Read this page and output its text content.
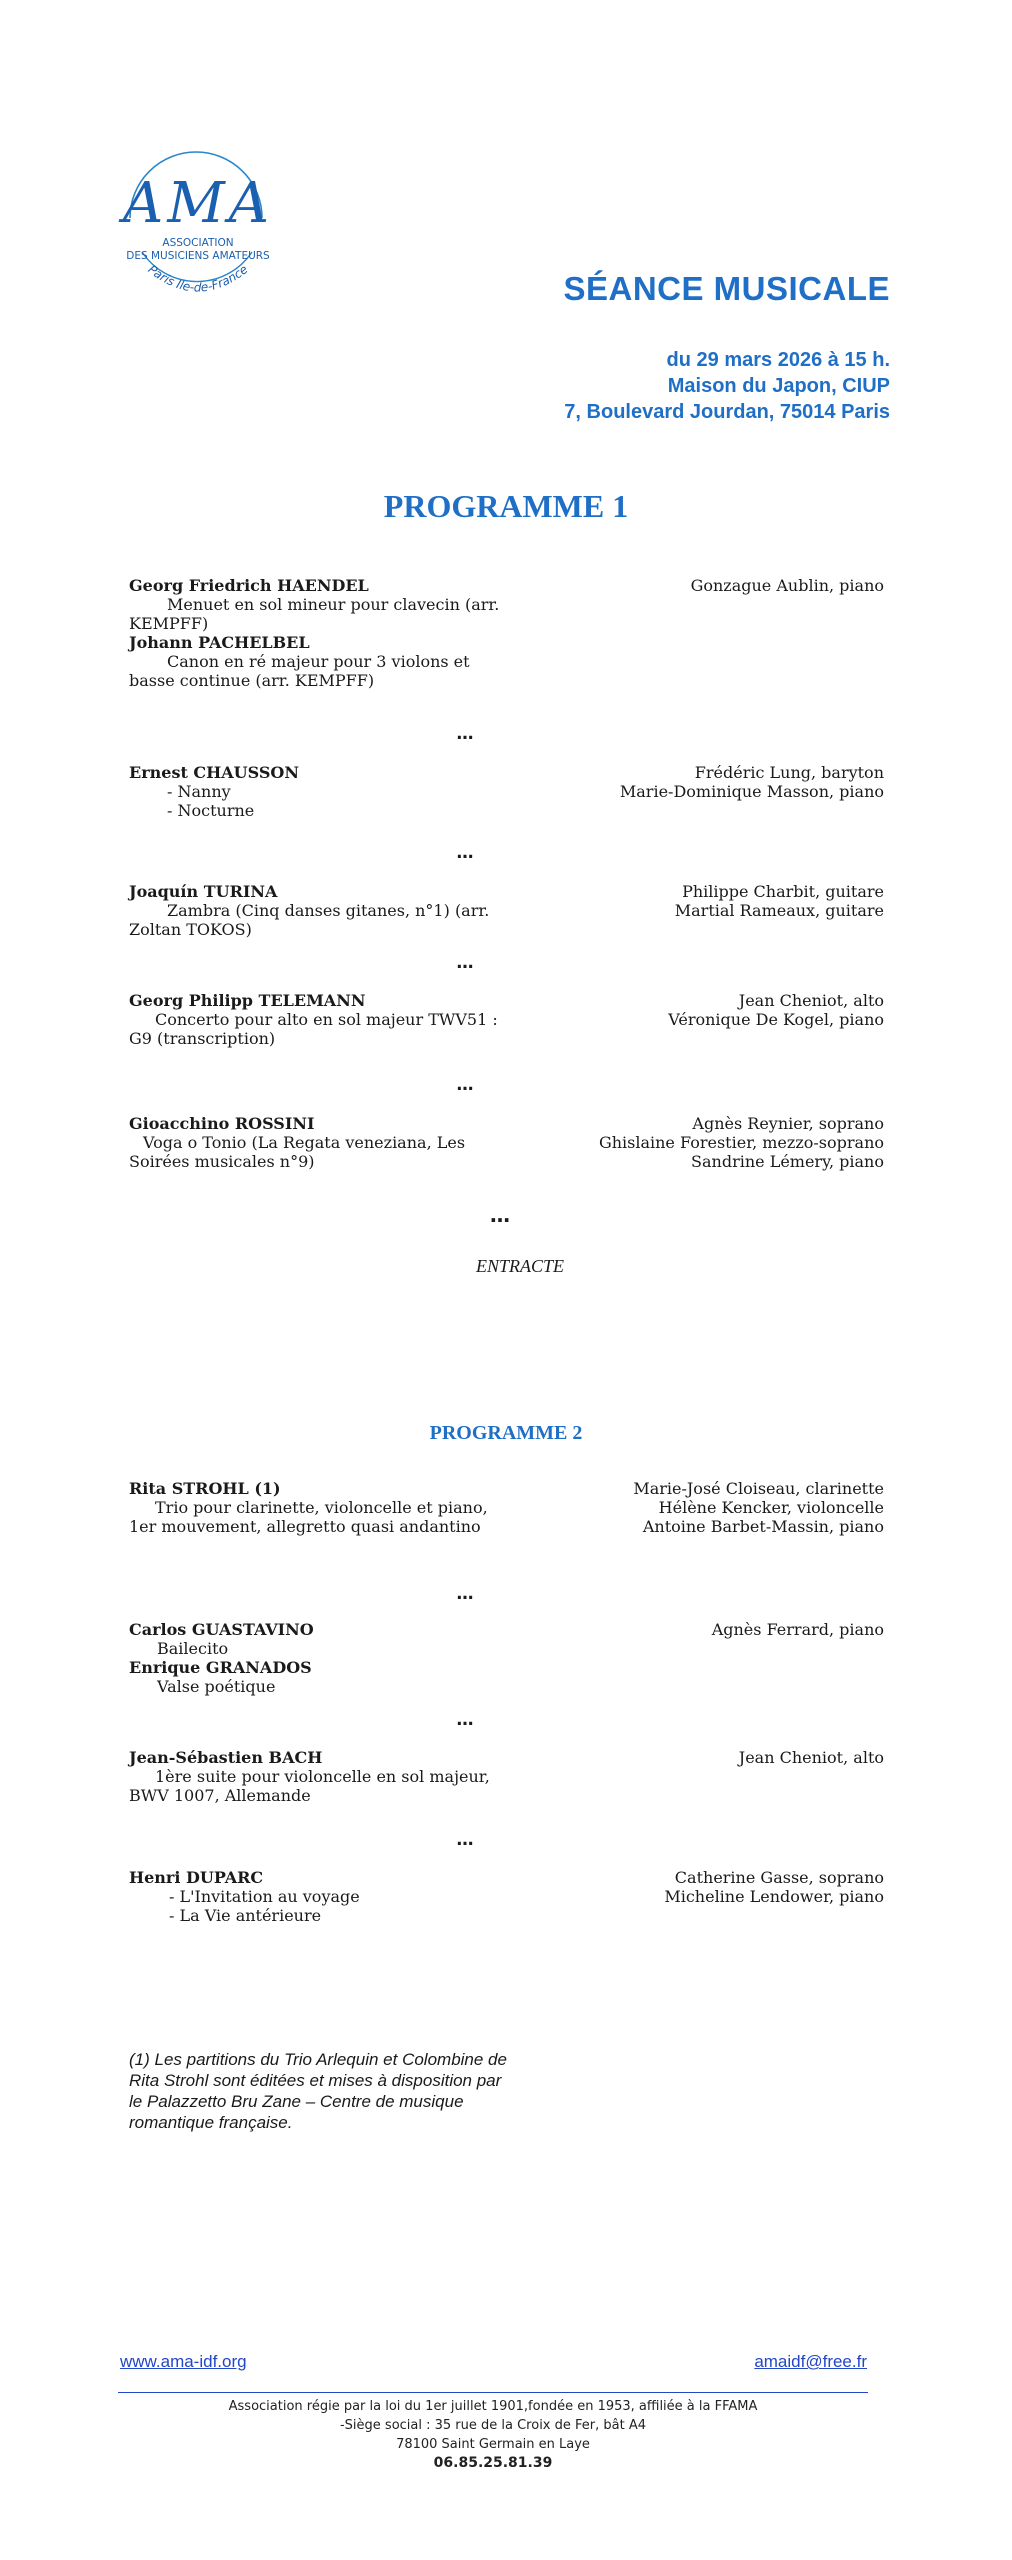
AMA
ASSOCIATION
DES MUSICIENS AMATEURS
Paris Ile-de-France
SÉANCE MUSICALE
du 29 mars 2026 à 15 h.
Maison du Japon, CIUP
7, Boulevard Jourdan, 75014 Paris
PROGRAMME 1
Georg Friedrich HAENDEL
Menuet en sol mineur pour clavecin (arr. KEMPFF)
Johann PACHELBEL
Canon en ré majeur pour 3 violons et basse continue (arr. KEMPFF)
Gonzague Aublin, piano
…
Ernest CHAUSSON
- Nanny
- Nocturne
Frédéric Lung, baryton
Marie-Dominique Masson, piano
…
Joaquín TURINA
Zambra (Cinq danses gitanes, n°1) (arr. Zoltan TOKOS)
Philippe Charbit, guitare
Martial Rameaux, guitare
…
Georg Philipp TELEMANN
Concerto pour alto en sol majeur TWV51 : G9 (transcription)
Jean Cheniot, alto
Véronique De Kogel, piano
…
Gioacchino ROSSINI
Voga o Tonio (La Regata veneziana, Les Soirées musicales n°9)
Agnès Reynier, soprano
Ghislaine Forestier, mezzo-soprano
Sandrine Lémery, piano
…
ENTRACTE
PROGRAMME 2
Rita STROHL (1)
Trio pour clarinette, violoncelle et piano, 1er mouvement, allegretto quasi andantino
Marie-José Cloiseau, clarinette
Hélène Kencker, violoncelle
Antoine Barbet-Massin, piano
…
Carlos GUASTAVINO
Bailecito
Enrique GRANADOS
Valse poétique
Agnès Ferrard, piano
…
Jean-Sébastien BACH
1ère suite pour violoncelle en sol majeur, BWV 1007, Allemande
Jean Cheniot, alto
…
Henri DUPARC
- L'Invitation au voyage
- La Vie antérieure
Catherine Gasse, soprano
Micheline Lendower, piano
(1) Les partitions du Trio Arlequin et Colombine de Rita Strohl sont éditées et mises à disposition par le Palazzetto Bru Zane – Centre de musique romantique française.
www.ama-idf.org	amaidf@free.fr
Association régie par la loi du 1er juillet 1901,fondée en 1953, affiliée à la FFAMA
-Siège social : 35 rue de la Croix de Fer, bât A4
78100 Saint Germain en Laye
06.85.25.81.39
